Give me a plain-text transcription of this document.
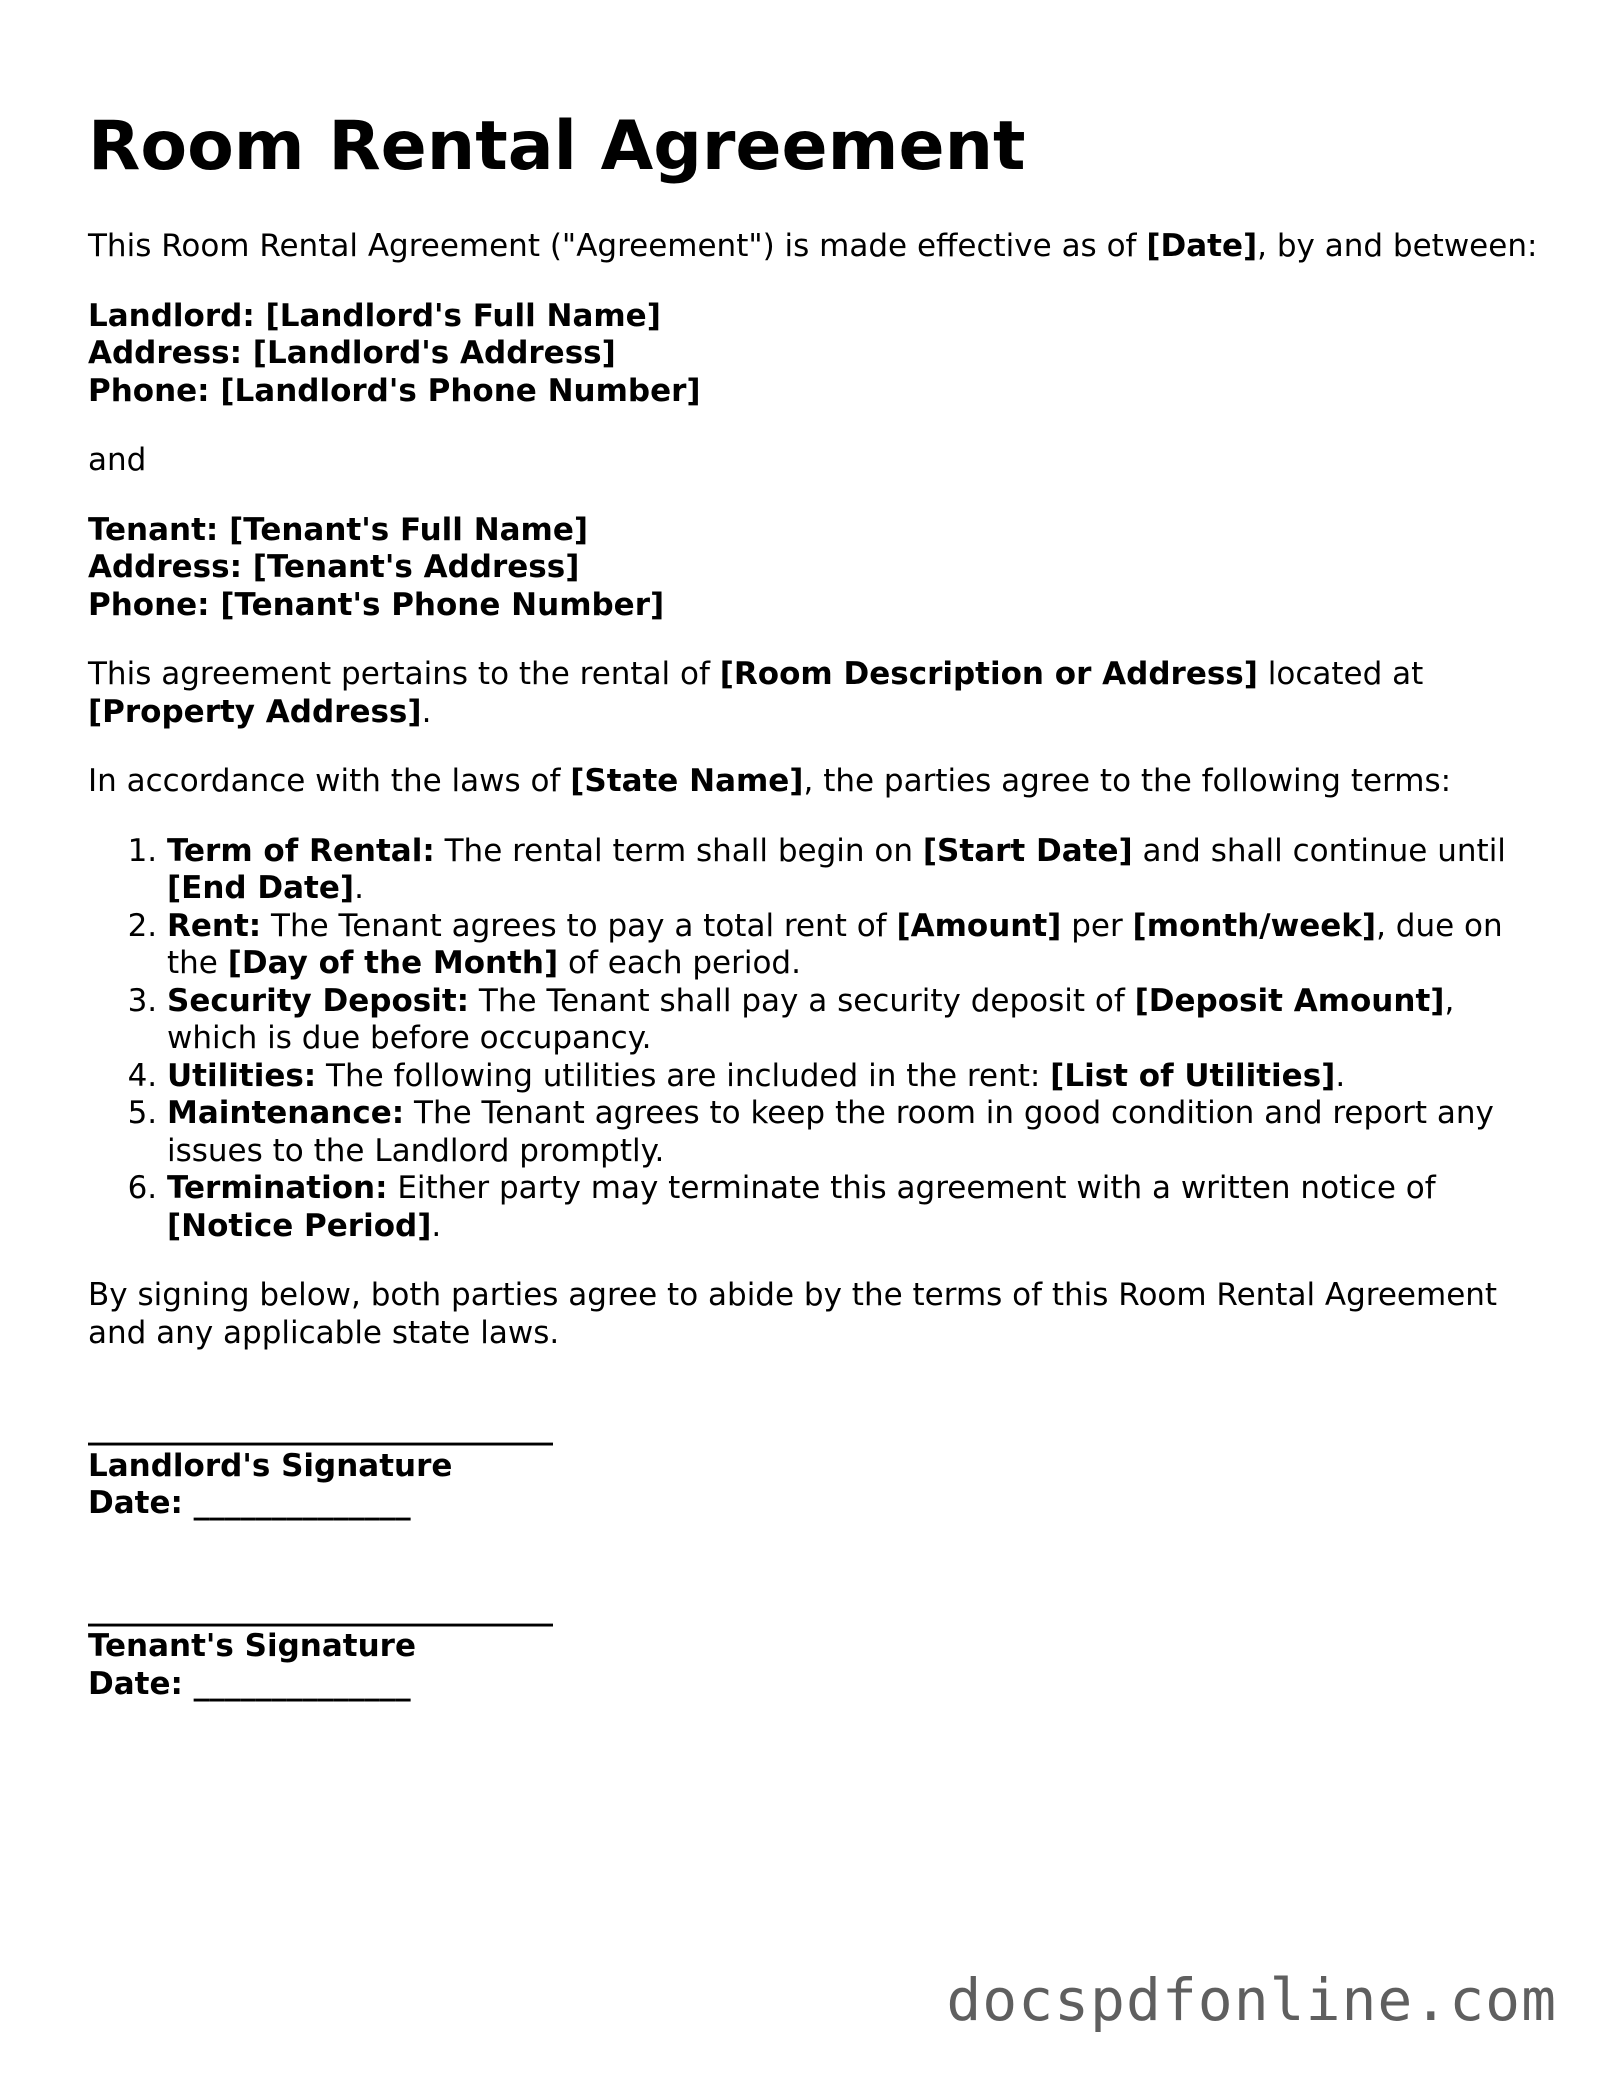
Room Rental Agreement

This Room Rental Agreement ("Agreement") is made effective as of [Date], by and between:

Landlord: [Landlord's Full Name]
Address: [Landlord's Address]
Phone: [Landlord's Phone Number]

and

Tenant: [Tenant's Full Name]
Address: [Tenant's Address]
Phone: [Tenant's Phone Number]

This agreement pertains to the rental of [Room Description or Address] located at [Property Address].

In accordance with the laws of [State Name], the parties agree to the following terms:

1. Term of Rental: The rental term shall begin on [Start Date] and shall continue until [End Date].
2. Rent: The Tenant agrees to pay a total rent of [Amount] per [month/week], due on the [Day of the Month] of each period.
3. Security Deposit: The Tenant shall pay a security deposit of [Deposit Amount], which is due before occupancy.
4. Utilities: The following utilities are included in the rent: [List of Utilities].
5. Maintenance: The Tenant agrees to keep the room in good condition and report any issues to the Landlord promptly.
6. Termination: Either party may terminate this agreement with a written notice of [Notice Period].

By signing below, both parties agree to abide by the terms of this Room Rental Agreement and any applicable state laws.

______________________________
Landlord's Signature
Date: ______________
______________________________
Tenant's Signature
Date: ______________
docspdfonline.com
